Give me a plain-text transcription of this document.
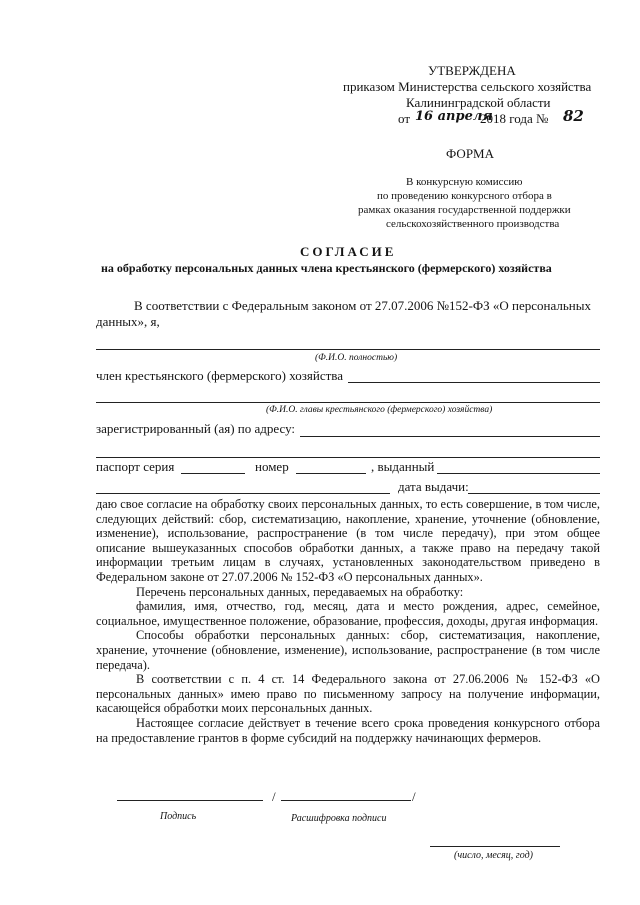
УТВЕРЖДЕНА
приказом Министерства сельского хозяйства
Калининградской области
от 16 апреля
2018 года № 82
ФОРМА
В конкурсную комиссию
по проведению конкурсного отбора в
рамках оказания государственной поддержки
сельскохозяйственного производства
СОГЛАСИЕ
на обработку персональных данных члена крестьянского (фермерского) хозяйства
В соответствии с Федеральным законом от 27.07.2006 №152-ФЗ «О персональных
данных», я,
(Ф.И.О. полностью)
член крестьянского (фермерского) хозяйства
(Ф.И.О. главы крестьянского (фермерского) хозяйства)
зарегистрированный (ая) по адресу:
паспорт серия	номер	, выданный
дата выдачи:

даю свое согласие на обработку своих персональных данных, то есть совершение, в том числе, следующих действий: сбор, систематизацию, накопление, хранение, уточнение (обновление, изменение), использование, распространение (в том числе передачу), при этом общее описание вышеуказанных способов обработки данных, а также право на передачу такой информации третьим лицам в случаях, установленных законодательством приведено в Федеральном законе от 27.07.2006 № 152-ФЗ «О персональных данных».

Перечень персональных данных, передаваемых на обработку:

фамилия, имя, отчество, год, месяц, дата и место рождения, адрес, семейное, социальное, имущественное положение, образование, профессия, доходы, другая информация.

Способы обработки персональных данных: сбор, систематизация, накопление, хранение, уточнение (обновление, изменение), использование, распространение (в том числе передача).

В соответствии с п. 4 ст. 14 Федерального закона от 27.06.2006 № 152-ФЗ «О персональных данных» имею право по письменному запросу на получение информации, касающейся обработки моих персональных данных.

Настоящее согласие действует в течение всего срока проведения конкурсного отбора на предоставление грантов в форме субсидий на поддержку начинающих фермеров.

/	/
Подпись	Расшифровка подписи
(число, месяц, год)
